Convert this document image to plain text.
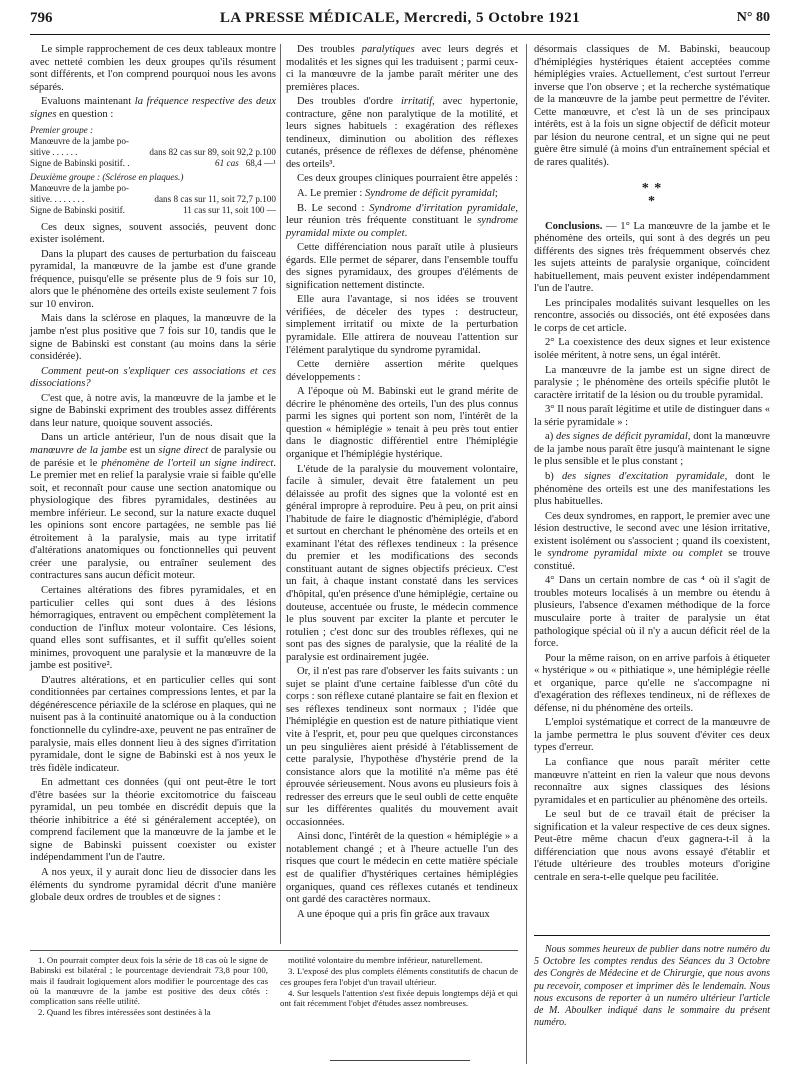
796	LA PRESSE MÉDICALE, Mercredi, 5 Octobre 1921	N° 80

Le simple rapprochement de ces deux tableaux montre avec netteté combien les deux groupes qu'ils résument sont différents, et l'on comprend pourquoi nous les avons séparés.

Evaluons maintenant la fréquence respective des deux signes en question :

Premier groupe :
Manœuvre de la jambe po-
sitive . . . . . .	dans 82 cas sur 89, soit 92,2 p.100
Signe de Babinski positif. .	61 cas 68,4 —¹
Deuxième groupe : (Sclérose en plaques.)
Manœuvre de la jambe po-
sitive. . . . . . . .	dans 8 cas sur 11, soit 72,7 p.100
Signe de Babinski positif.	11 cas sur 11, soit 100 —

Ces deux signes, souvent associés, peuvent donc exister isolément.

Dans la plupart des causes de perturbation du faisceau pyramidal, la manœuvre de la jambe est d'une grande fréquence, puisqu'elle se présente plus de 9 fois sur 10, alors que le phénomène des orteils existe seulement 7 fois sur 10 environ.

Mais dans la sclérose en plaques, la manœuvre de la jambe n'est plus positive que 7 fois sur 10, tandis que le signe de Babinski est constant (au moins dans la série considérée).

Comment peut-on s'expliquer ces associations et ces dissociations?

C'est que, à notre avis, la manœuvre de la jambe et le signe de Babinski expriment des troubles assez différents dans leur nature, quoique souvent associés.

Dans un article antérieur, l'un de nous disait que la manœuvre de la jambe est un signe direct de paralysie ou de parésie et le phénomène de l'orteil un signe indirect. Le premier met en relief la paralysie vraie si faible qu'elle soit, et reconnaît pour cause une section anatomique ou physiologique des fibres pyramidales, destinées au membre inférieur. Le second, sur la nature exacte duquel les opinions sont encore partagées, ne semble pas lié étroitement à la paralysie, mais au type irritatif d'altérations anatomiques ou fonctionnelles qui peuvent créer une paralysie, ou entraîner seulement des contractures sans aucun déficit moteur.

Certaines altérations des fibres pyramidales, et en particulier celles qui sont dues à des lésions hémorragiques, entravent ou empêchent complètement la conduction de l'influx moteur volontaire. Ces lésions, quand elles sont suffisantes, et il suffit qu'elles soient minimes, provoquent une paralysie et la manœuvre de la jambe est positive².

D'autres altérations, et en particulier celles qui sont conditionnées par certaines compressions lentes, et par la dégénérescence périaxile de la sclérose en plaques, qui ne nuisent pas à la continuité anatomique ou à la conduction fonctionnelle du cylindre-axe, peuvent ne pas entraîner de paralysie, mais elles donnent lieu à des signes d'irritation pyramidale, dont le signe de Babinski est à nos yeux le très fidèle indicateur.

En admettant ces données (qui ont peut-être le tort d'être basées sur la théorie excitomotrice du faisceau pyramidal, un peu tombée en discrédit depuis que la théorie inhibitrice a été si généralement acceptée), on comprend facilement que la manœuvre de la jambe et le signe de Babinski puissent coexister ou exister indépendamment l'un de l'autre.

A nos yeux, il y aurait donc lieu de dissocier dans les éléments du syndrome pyramidal décrit d'une manière globale deux ordres de troubles et de signes :

Des troubles paralytiques avec leurs degrés et modalités et les signes qui les traduisent ; parmi ceux-ci la manœuvre de la jambe paraît mériter une des premières places.

Des troubles d'ordre irritatif, avec hypertonie, contracture, gêne non paralytique de la motilité, et leurs signes habituels : exagération des réflexes tendineux, diminution ou abolition des réflexes cutanés, présence de réflexes de défense, phénomène des orteils³.

Ces deux groupes cliniques pourraient être appelés :

A. Le premier : Syndrome de déficit pyramidal;

B. Le second : Syndrome d'irritation pyramidale, leur réunion très fréquente constituant le syndrome pyramidal mixte ou complet.

Cette différenciation nous paraît utile à plusieurs égards. Elle permet de séparer, dans l'ensemble touffu des signes pyramidaux, des groupes d'éléments de signification nettement distincte.

Elle aura l'avantage, si nos idées se trouvent vérifiées, de déceler des types : destructeur, simplement irritatif ou mixte de la perturbation pyramidale. Elle attirera de nouveau l'attention sur l'élément paralytique du syndrome pyramidal.

Cette dernière assertion mérite quelques développements :

A l'époque où M. Babinski eut le grand mérite de décrire le phénomène des orteils, l'un des plus connus parmi les signes qui portent son nom, l'intérêt de la question « hémiplégie » tenait à peu près tout entier dans le diagnostic différentiel entre l'hémiplégie organique et l'hémiplégie hystérique.

L'étude de la paralysie du mouvement volontaire, facile à simuler, devait être fatalement un peu délaissée au profit des signes que la volonté est en général impropre à reproduire. Peu à peu, on prit ainsi l'habitude de faire le diagnostic d'hémiplégie, d'abord et surtout en cherchant le phénomène des orteils et en examinant l'état des réflexes tendineux : la présence du premier et les modifications des seconds constituant autant de signes objectifs précieux. C'est un fait, à chaque instant constaté dans les services d'hôpital, qu'en présence d'une hémiplégie, certaine ou douteuse, accentuée ou fruste, le médecin commence le plus souvent par exciter la plante et percuter le rotulien ; c'est donc sur des troubles réflexes, qui ne sont pas des signes de paralysie, que la réalité de la paralysie est ordinairement jugée.

Or, il n'est pas rare d'observer les faits suivants : un sujet se plaint d'une certaine faiblesse d'un côté du corps : son réflexe cutané plantaire se fait en flexion et ses réflexes tendineux sont normaux ; l'idée que l'hémiplégie en question est de nature pithiatique vient vite à l'esprit, et, pour peu que quelques circonstances un peu singulières aient présidé à l'établissement de cette paralysie, l'hypothèse d'hystérie prend de la consistance alors que la motilité n'a même pas été éprouvée sérieusement. Nous avons eu plusieurs fois à redresser des erreurs que le seul oubli de cette enquête sur les différentes qualités du mouvement avait occasionnées.

Ainsi donc, l'intérêt de la question « hémiplégie » a notablement changé ; et à l'heure actuelle l'un des risques que court le médecin en cette matière spéciale est de qualifier d'hystériques certaines hémiplégies organiques, quand ces réflexes cutanés et tendineux ont gardé des caractères normaux.

A une époque qui a pris fin grâce aux travaux

désormais classiques de M. Babinski, beaucoup d'hémiplégies hystériques étaient acceptées comme hémiplégies vraies. Actuellement, c'est surtout l'erreur inverse que l'on observe ; et la recherche systématique de la manœuvre de la jambe peut permettre de l'éviter. Cette manœuvre, et c'est là un de ses principaux intérêts, est à la fois un signe objectif de déficit moteur par lésion du neurone central, et un signe qui ne peut guère être simulé (à moins d'un entraînement spécial et de rares qualités).

* *
*

Conclusions. — 1° La manœuvre de la jambe et le phénomène des orteils, qui sont à des degrés un peu différents des signes très fréquemment observés chez les sujets atteints de paralysie organique, coïncident habituellement, mais peuvent exister indépendamment l'un de l'autre.

Les principales modalités suivant lesquelles on les rencontre, associés ou dissociés, ont été exposées dans le corps de cet article.

2° La coexistence des deux signes et leur existence isolée méritent, à notre sens, un égal intérêt.

La manœuvre de la jambe est un signe direct de paralysie ; le phénomène des orteils spécifie plutôt le caractère irritatif de la lésion ou du trouble pyramidal.

3° Il nous paraît légitime et utile de distinguer dans « la série pyramidale » :

a) des signes de déficit pyramidal, dont la manœuvre de la jambe nous paraît être jusqu'à maintenant le signe le plus sensible et le plus constant ;

b) des signes d'excitation pyramidale, dont le phénomène des orteils est une des manifestations les plus habituelles.

Ces deux syndromes, en rapport, le premier avec une lésion destructive, le second avec une lésion irritative, existent isolément ou s'associent ; quand ils coexistent, le syndrome pyramidal mixte ou complet se trouve constitué.

4° Dans un certain nombre de cas ⁴ où il s'agit de troubles moteurs localisés à un membre ou étendu à plusieurs, l'absence d'examen méthodique de la force musculaire porte à traiter de paralysie un état pathologique spécial où il n'y a aucun déficit réel de la force.

Pour la même raison, on en arrive parfois à étiqueter « hystérique » ou « pithiatique », une hémiplégie réelle et organique, parce qu'elle ne s'accompagne ni d'exagération des réflexes tendineux, ni de réflexes de défense, ni du phénomène des orteils.

L'emploi systématique et correct de la manœuvre de la jambe permettra le plus souvent d'éviter ces deux types d'erreur.

La confiance que nous paraît mériter cette manœuvre n'atteint en rien la valeur que nous devons reconnaître aux signes classiques des lésions pyramidales et en particulier au phénomène des orteils.

Le seul but de ce travail était de préciser la signification et la valeur respective de ces deux signes. Peut-être même chacun d'eux gagnera-t-il à la différenciation que nous avons essayé d'établir et l'étude ultérieure des troubles moteurs d'origine centrale en sera-t-elle quelque peu facilitée.

Nous sommes heureux de publier dans notre numéro du 5 Octobre les comptes rendus des Séances du 3 Octobre des Congrès de Médecine et de Chirurgie, que nous avons pu recevoir, composer et imprimer dès le lendemain. Nous nous excusons de reporter à un numéro ultérieur l'article de M. Aboulker indiqué dans le sommaire du présent numéro.

1. On pourrait compter deux fois la série de 18 cas où le signe de Babinski est bilatéral ; le pourcentage deviendrait 73,8 pour 100, mais il faudrait logiquement alors modifier le pourcentage des cas où la manœuvre de la jambe est positive des deux côtés : complication sans réelle utilité.

2. Quand les fibres intéressées sont destinées à la

motilité volontaire du membre inférieur, naturellement.

3. L'exposé des plus complets éléments constitutifs de chacun de ces groupes fera l'objet d'un travail ultérieur.

4. Sur lesquels l'attention s'est fixée depuis longtemps déjà et qui ont fait récemment l'objet d'études assez nombreuses.
